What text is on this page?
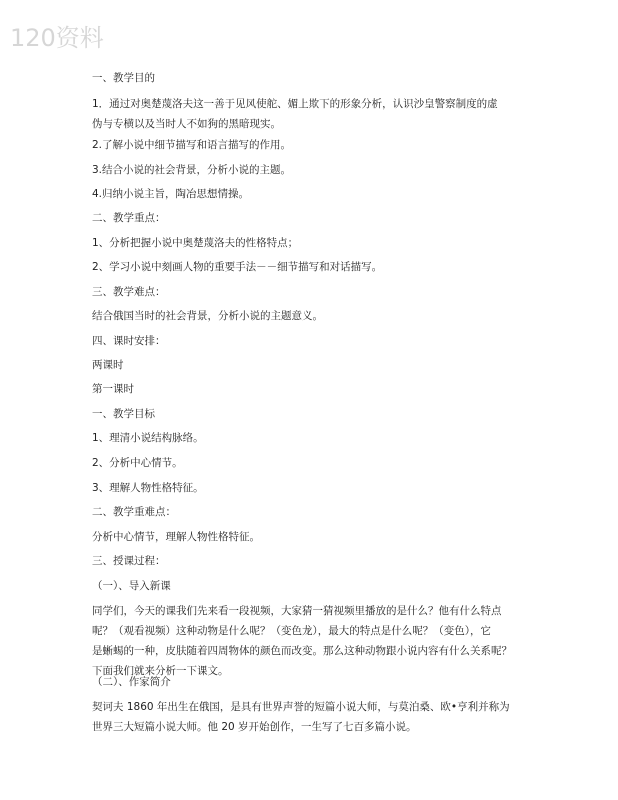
120资料
一、教学目的
1．通过对奥楚蔑洛夫这一善于见风使舵、媚上欺下的形象分析，认识沙皇警察制度的虚
伪与专横以及当时人不如狗的黑暗现实。
2.了解小说中细节描写和语言描写的作用。
3.结合小说的社会背景，分析小说的主题。
4.归纳小说主旨，陶冶思想情操。
二、教学重点：
1、分析把握小说中奥楚蔑洛夫的性格特点；
2、学习小说中刻画人物的重要手法－－细节描写和对话描写。
三、教学难点：
结合俄国当时的社会背景，分析小说的主题意义。
四、课时安排：
两课时
第一课时
一、教学目标
1、理清小说结构脉络。
2、分析中心情节。
3、理解人物性格特征。
二、教学重难点：
分析中心情节，理解人物性格特征。
三、授课过程：
（一）、导入新课
同学们，今天的课我们先来看一段视频，大家猜一猜视频里播放的是什么？他有什么特点
呢？（观看视频）这种动物是什么呢？（变色龙），最大的特点是什么呢？（变色），它
是蜥蜴的一种，皮肤随着四周物体的颜色而改变。那么这种动物跟小说内容有什么关系呢？
下面我们就来分析一下课文。
（二）、作家简介
契诃夫 1860 年出生在俄国，是具有世界声誉的短篇小说大师，与莫泊桑、欧•亨利并称为
世界三大短篇小说大师。他 20 岁开始创作，一生写了七百多篇小说。
